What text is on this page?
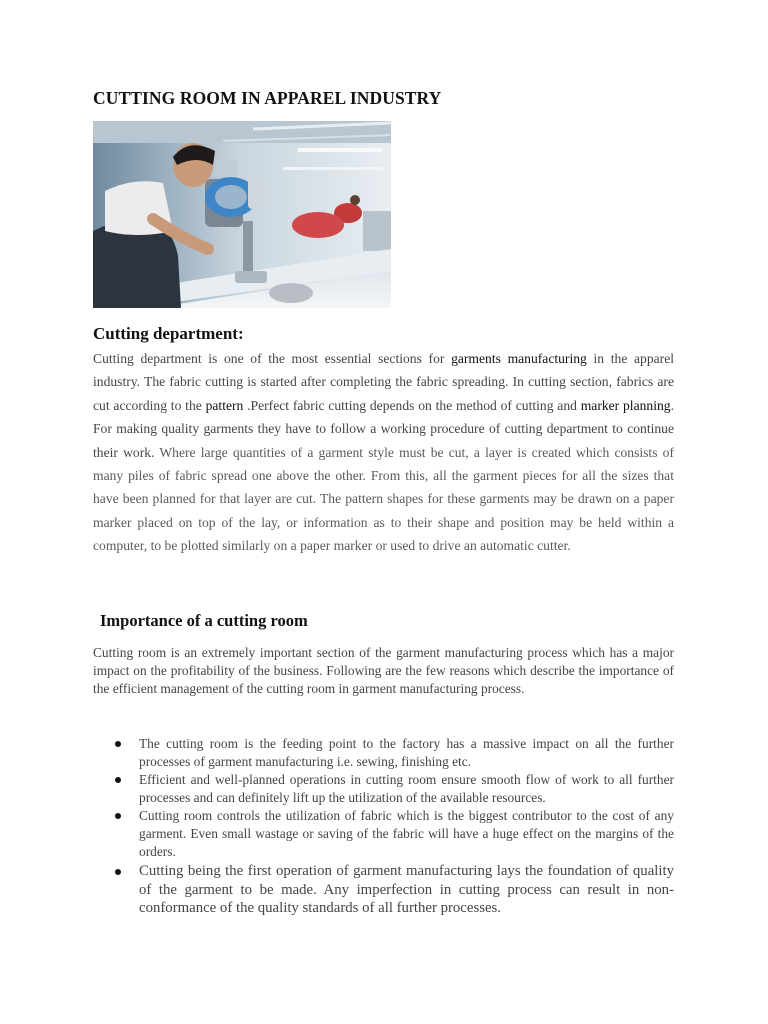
CUTTING ROOM IN APPAREL INDUSTRY
Cutting department:

Cutting department is one of the most essential sections for garments manufacturing in the apparel industry. The fabric cutting is started after completing the fabric spreading. In cutting section, fabrics are cut according to the pattern .Perfect fabric cutting depends on the method of cutting and marker planning. For making quality garments they have to follow a working procedure of cutting department to continue their work. Where large quantities of a garment style must be cut, a layer is created which consists of many piles of fabric spread one above the other. From this, all the garment pieces for all the sizes that have been planned for that layer are cut. The pattern shapes for these garments may be drawn on a paper marker placed on top of the lay, or information as to their shape and position may be held within a computer, to be plotted similarly on a paper marker or used to drive an automatic cutter.

Importance of a cutting room

Cutting room is an extremely important section of the garment manufacturing process which has a major impact on the profitability of the business. Following are the few reasons which describe the importance of the efficient management of the cutting room in garment manufacturing process.

The cutting room is the feeding point to the factory has a massive impact on all the further processes of garment manufacturing i.e. sewing, finishing etc.
Efficient and well-planned operations in cutting room ensure smooth flow of work to all further processes and can definitely lift up the utilization of the available resources.
Cutting room controls the utilization of fabric which is the biggest contributor to the cost of any garment. Even small wastage or saving of the fabric will have a huge effect on the margins of the orders.
Cutting being the first operation of garment manufacturing lays the foundation of quality of the garment to be made. Any imperfection in cutting process can result in non-conformance of the quality standards of all further processes.
